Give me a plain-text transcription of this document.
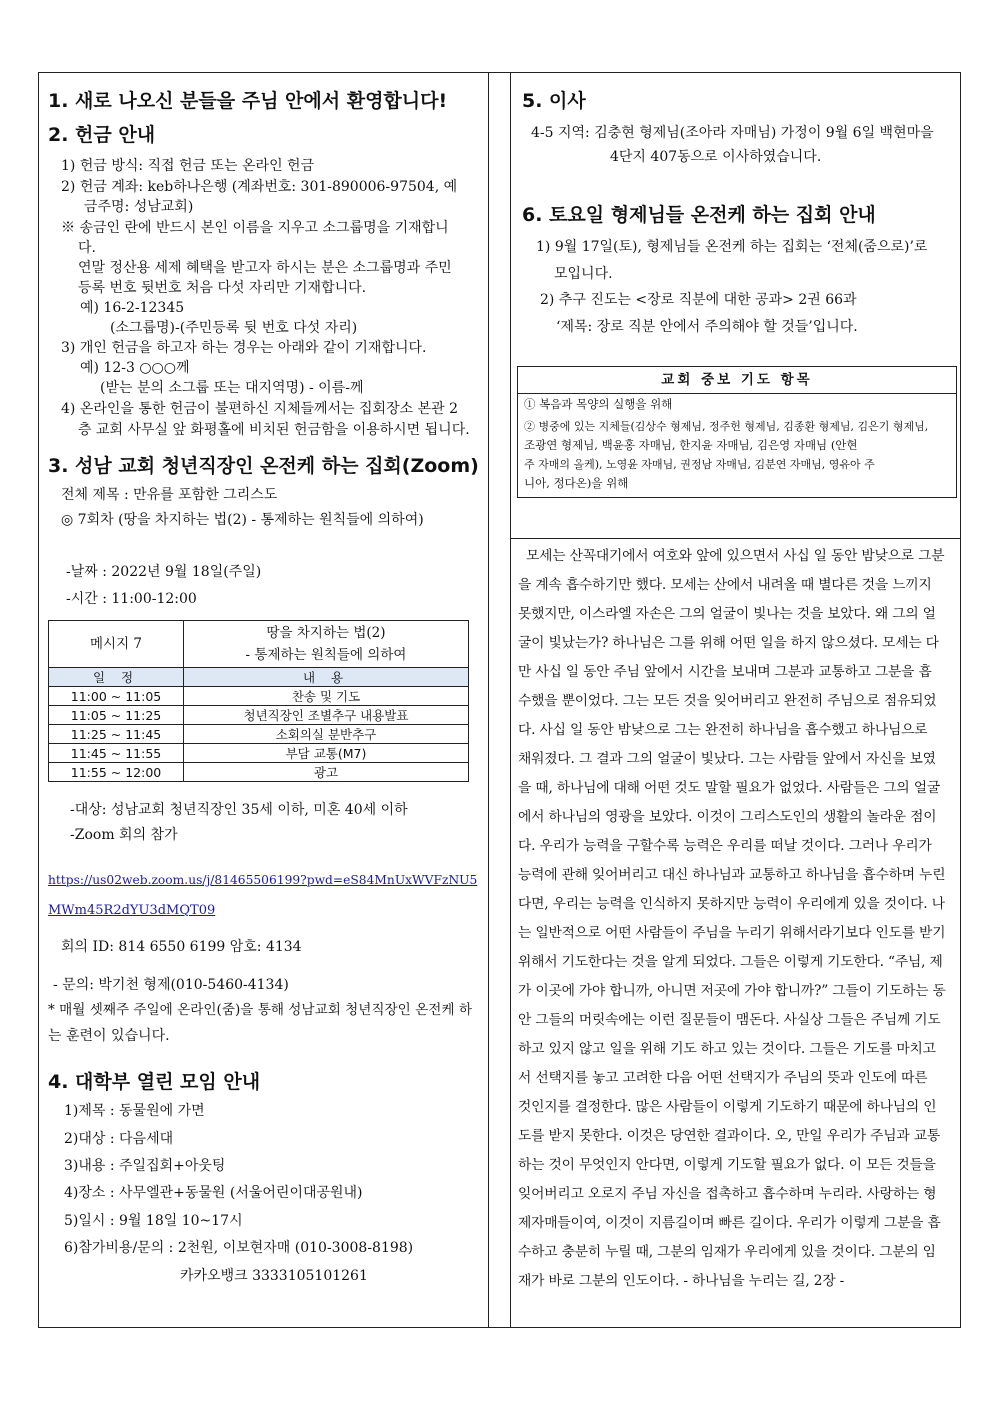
1. 새로 나오신 분들을 주님 안에서 환영합니다!
2. 헌금 안내
1) 헌금 방식: 직접 헌금 또는 온라인 헌금
2) 헌금 계좌: keb하나은행 (계좌번호: 301-890006-97504, 예
금주명: 성남교회)
※ 송금인 란에 반드시 본인 이름을 지우고 소그룹명을 기재합니
다.
연말 정산용 세제 혜택을 받고자 하시는 분은 소그룹명과 주민
등록 번호 뒷번호 처음 다섯 자리만 기재합니다.
예) 16-2-12345
(소그룹명)-(주민등록 뒷 번호 다섯 자리)
3) 개인 헌금을 하고자 하는 경우는 아래와 같이 기재합니다.
예) 12-3 ○○○께
(받는 분의 소그룹 또는 대지역명) - 이름-께
4) 온라인을 통한 헌금이 불편하신 지체들께서는 집회장소 본관 2
층 교회 사무실 앞 화평홀에 비치된 헌금함을 이용하시면 됩니다.
3. 성남 교회 청년직장인 온전케 하는 집회(Zoom)
전체 제목 : 만유를 포함한 그리스도
◎ 7회차 (땅을 차지하는 법(2) - 통제하는 원칙들에 의하여)
-날짜 : 2022년 9월 18일(주일)
-시간 : 11:00-12:00
메시지 7	땅을 차지하는 법(2)
- 통제하는 원칙들에 의하여

일 정	내 용
11:00 ~ 11:05	찬송 및 기도
11:05 ~ 11:25	청년직장인 조별추구 내용발표
11:25 ~ 11:45	소회의실 분반추구
11:45 ~ 11:55	부담 교통(M7)
11:55 ~ 12:00	광고
-대상: 성남교회 청년직장인 35세 이하, 미혼 40세 이하
-Zoom 회의 참가
https://us02web.zoom.us/j/81465506199?pwd=eS84MnUxWVFzNU5
MWm45R2dYU3dMQT09
회의 ID: 814 6550 6199 암호: 4134
- 문의: 박기천 형제(010-5460-4134)
* 매월 셋째주 주일에 온라인(줌)을 통해 성남교회 청년직장인 온전케 하
는 훈련이 있습니다.
4. 대학부 열린 모임 안내
1)제목 : 동물원에 가면
2)대상 : 다음세대
3)내용 : 주일집회+아웃팅
4)장소 : 사무엘관+동물원 (서울어린이대공원내)
5)일시 : 9월 18일 10~17시
6)참가비용/문의 : 2천원, 이보현자매 (010-3008-8198)
카카오뱅크 3333105101261
5. 이사
4-5 지역: 김충현 형제님(조아라 자매님) 가정이 9월 6일 백현마을
4단지 407동으로 이사하였습니다.
6. 토요일 형제님들 온전케 하는 집회 안내
1) 9월 17일(토), 형제님들 온전케 하는 집회는 ‘전체(줌으로)’로
모입니다.
2) 추구 진도는 <장로 직분에 대한 공과> 2권 66과
‘제목: 장로 직분 안에서 주의해야 할 것들’입니다.
교회 중보 기도 항목
① 복음과 목양의 실행을 위해
② 병중에 있는 지체들(김상수 형제님, 정주헌 형제님, 김종환 형제님, 김은기 형제님,
조광연 형제님, 백윤홍 자매님, 한지윤 자매님, 김은영 자매님 (안현
주 자매의 올케), 노영윤 자매님, 권정남 자매님, 김분연 자매님, 영유아 주
니아, 정다온)을 위해
모세는 산꼭대기에서 여호와 앞에 있으면서 사십 일 동안 밤낮으로 그분
을 계속 흡수하기만 했다. 모세는 산에서 내려올 때 별다른 것을 느끼지
못했지만, 이스라엘 자손은 그의 얼굴이 빛나는 것을 보았다. 왜 그의 얼
굴이 빛났는가? 하나님은 그를 위해 어떤 일을 하지 않으셨다. 모세는 다
만 사십 일 동안 주님 앞에서 시간을 보내며 그분과 교통하고 그분을 흡
수했을 뿐이었다. 그는 모든 것을 잊어버리고 완전히 주님으로 점유되었
다. 사십 일 동안 밤낮으로 그는 완전히 하나님을 흡수했고 하나님으로
채워졌다. 그 결과 그의 얼굴이 빛났다. 그는 사람들 앞에서 자신을 보였
을 때, 하나님에 대해 어떤 것도 말할 필요가 없었다. 사람들은 그의 얼굴
에서 하나님의 영광을 보았다. 이것이 그리스도인의 생활의 놀라운 점이
다. 우리가 능력을 구할수록 능력은 우리를 떠날 것이다. 그러나 우리가
능력에 관해 잊어버리고 대신 하나님과 교통하고 하나님을 흡수하며 누린
다면, 우리는 능력을 인식하지 못하지만 능력이 우리에게 있을 것이다. 나
는 일반적으로 어떤 사람들이 주님을 누리기 위해서라기보다 인도를 받기
위해서 기도한다는 것을 알게 되었다. 그들은 이렇게 기도한다. “주님, 제
가 이곳에 가야 합니까, 아니면 저곳에 가야 합니까?” 그들이 기도하는 동
안 그들의 머릿속에는 이런 질문들이 맴돈다. 사실상 그들은 주님께 기도
하고 있지 않고 일을 위해 기도 하고 있는 것이다. 그들은 기도를 마치고
서 선택지를 놓고 고려한 다음 어떤 선택지가 주님의 뜻과 인도에 따른
것인지를 결정한다. 많은 사람들이 이렇게 기도하기 때문에 하나님의 인
도를 받지 못한다. 이것은 당연한 결과이다. 오, 만일 우리가 주님과 교통
하는 것이 무엇인지 안다면, 이렇게 기도할 필요가 없다. 이 모든 것들을
잊어버리고 오로지 주님 자신을 접촉하고 흡수하며 누리라. 사랑하는 형
제자매들이여, 이것이 지름길이며 빠른 길이다. 우리가 이렇게 그분을 흡
수하고 충분히 누릴 때, 그분의 임재가 우리에게 있을 것이다. 그분의 임
재가 바로 그분의 인도이다. - 하나님을 누리는 길, 2장 -
